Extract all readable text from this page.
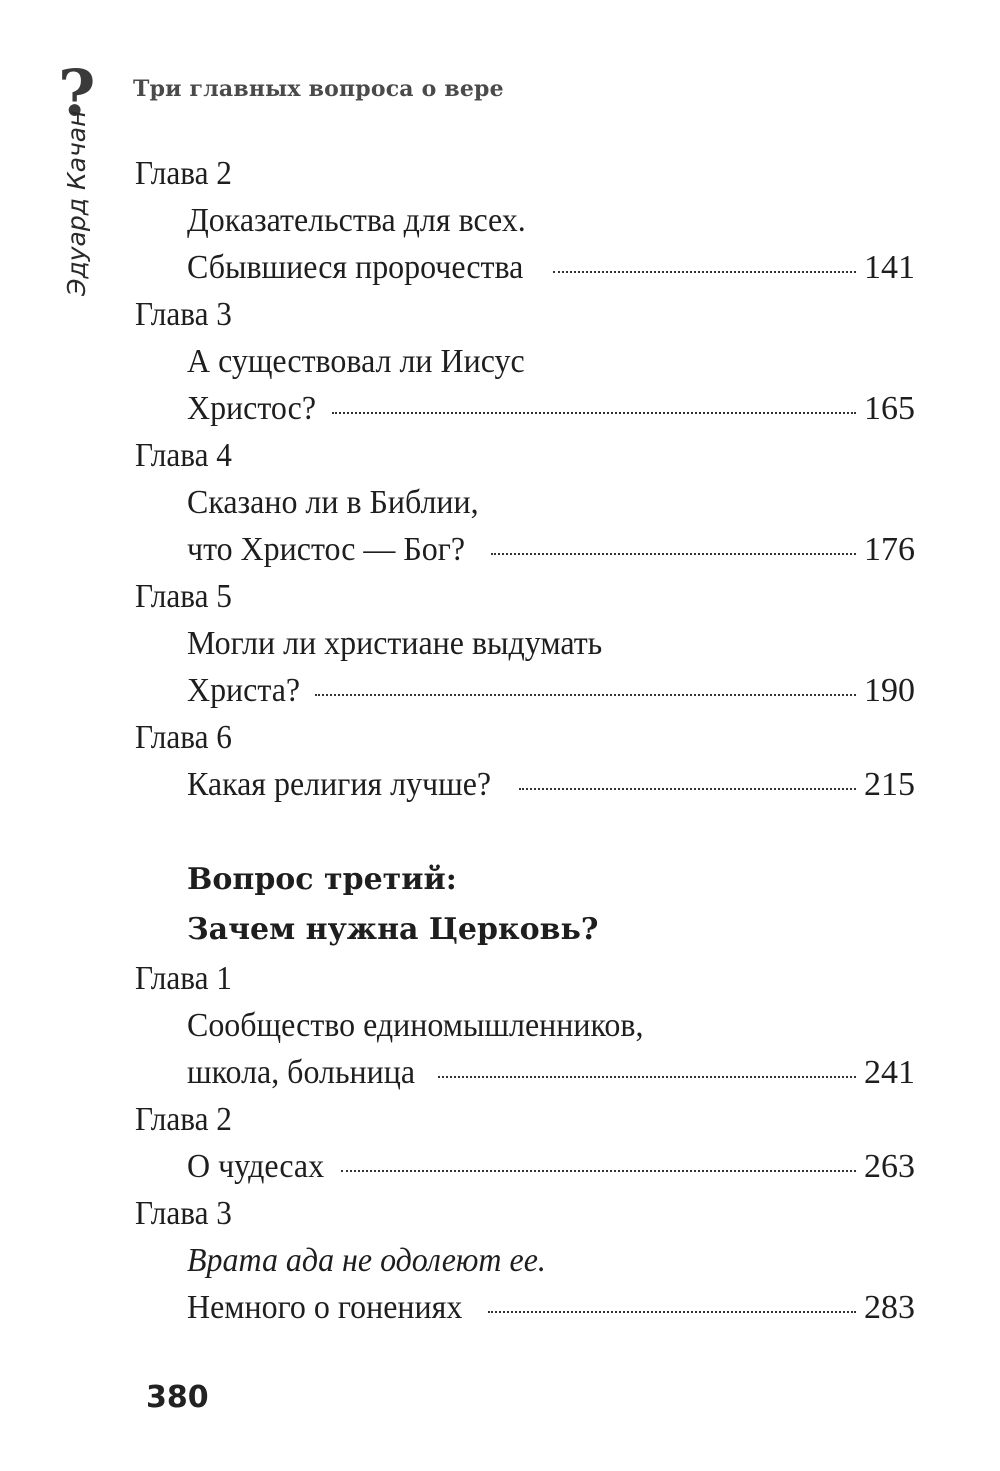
? Три главных вопроса о вере
Эдуард Качан Глава 2
Доказательства для всех.
Сбывшиеся пророчества	141
Глава 3
А существовал ли Иисус
Христос?	165
Глава 4
Сказано ли в Библии,
что Христос — Бог?	176
Глава 5
Могли ли христиане выдумать
Христа?	190
Глава 6
Какая религия лучше?	215
Вопрос третий:
Зачем нужна Церковь?
Глава 1
Сообщество единомышленников,
школа, больница	241
Глава 2
О чудесах	263
Глава 3
Врата ада не одолеют ее.
Немного о гонениях	283
380
